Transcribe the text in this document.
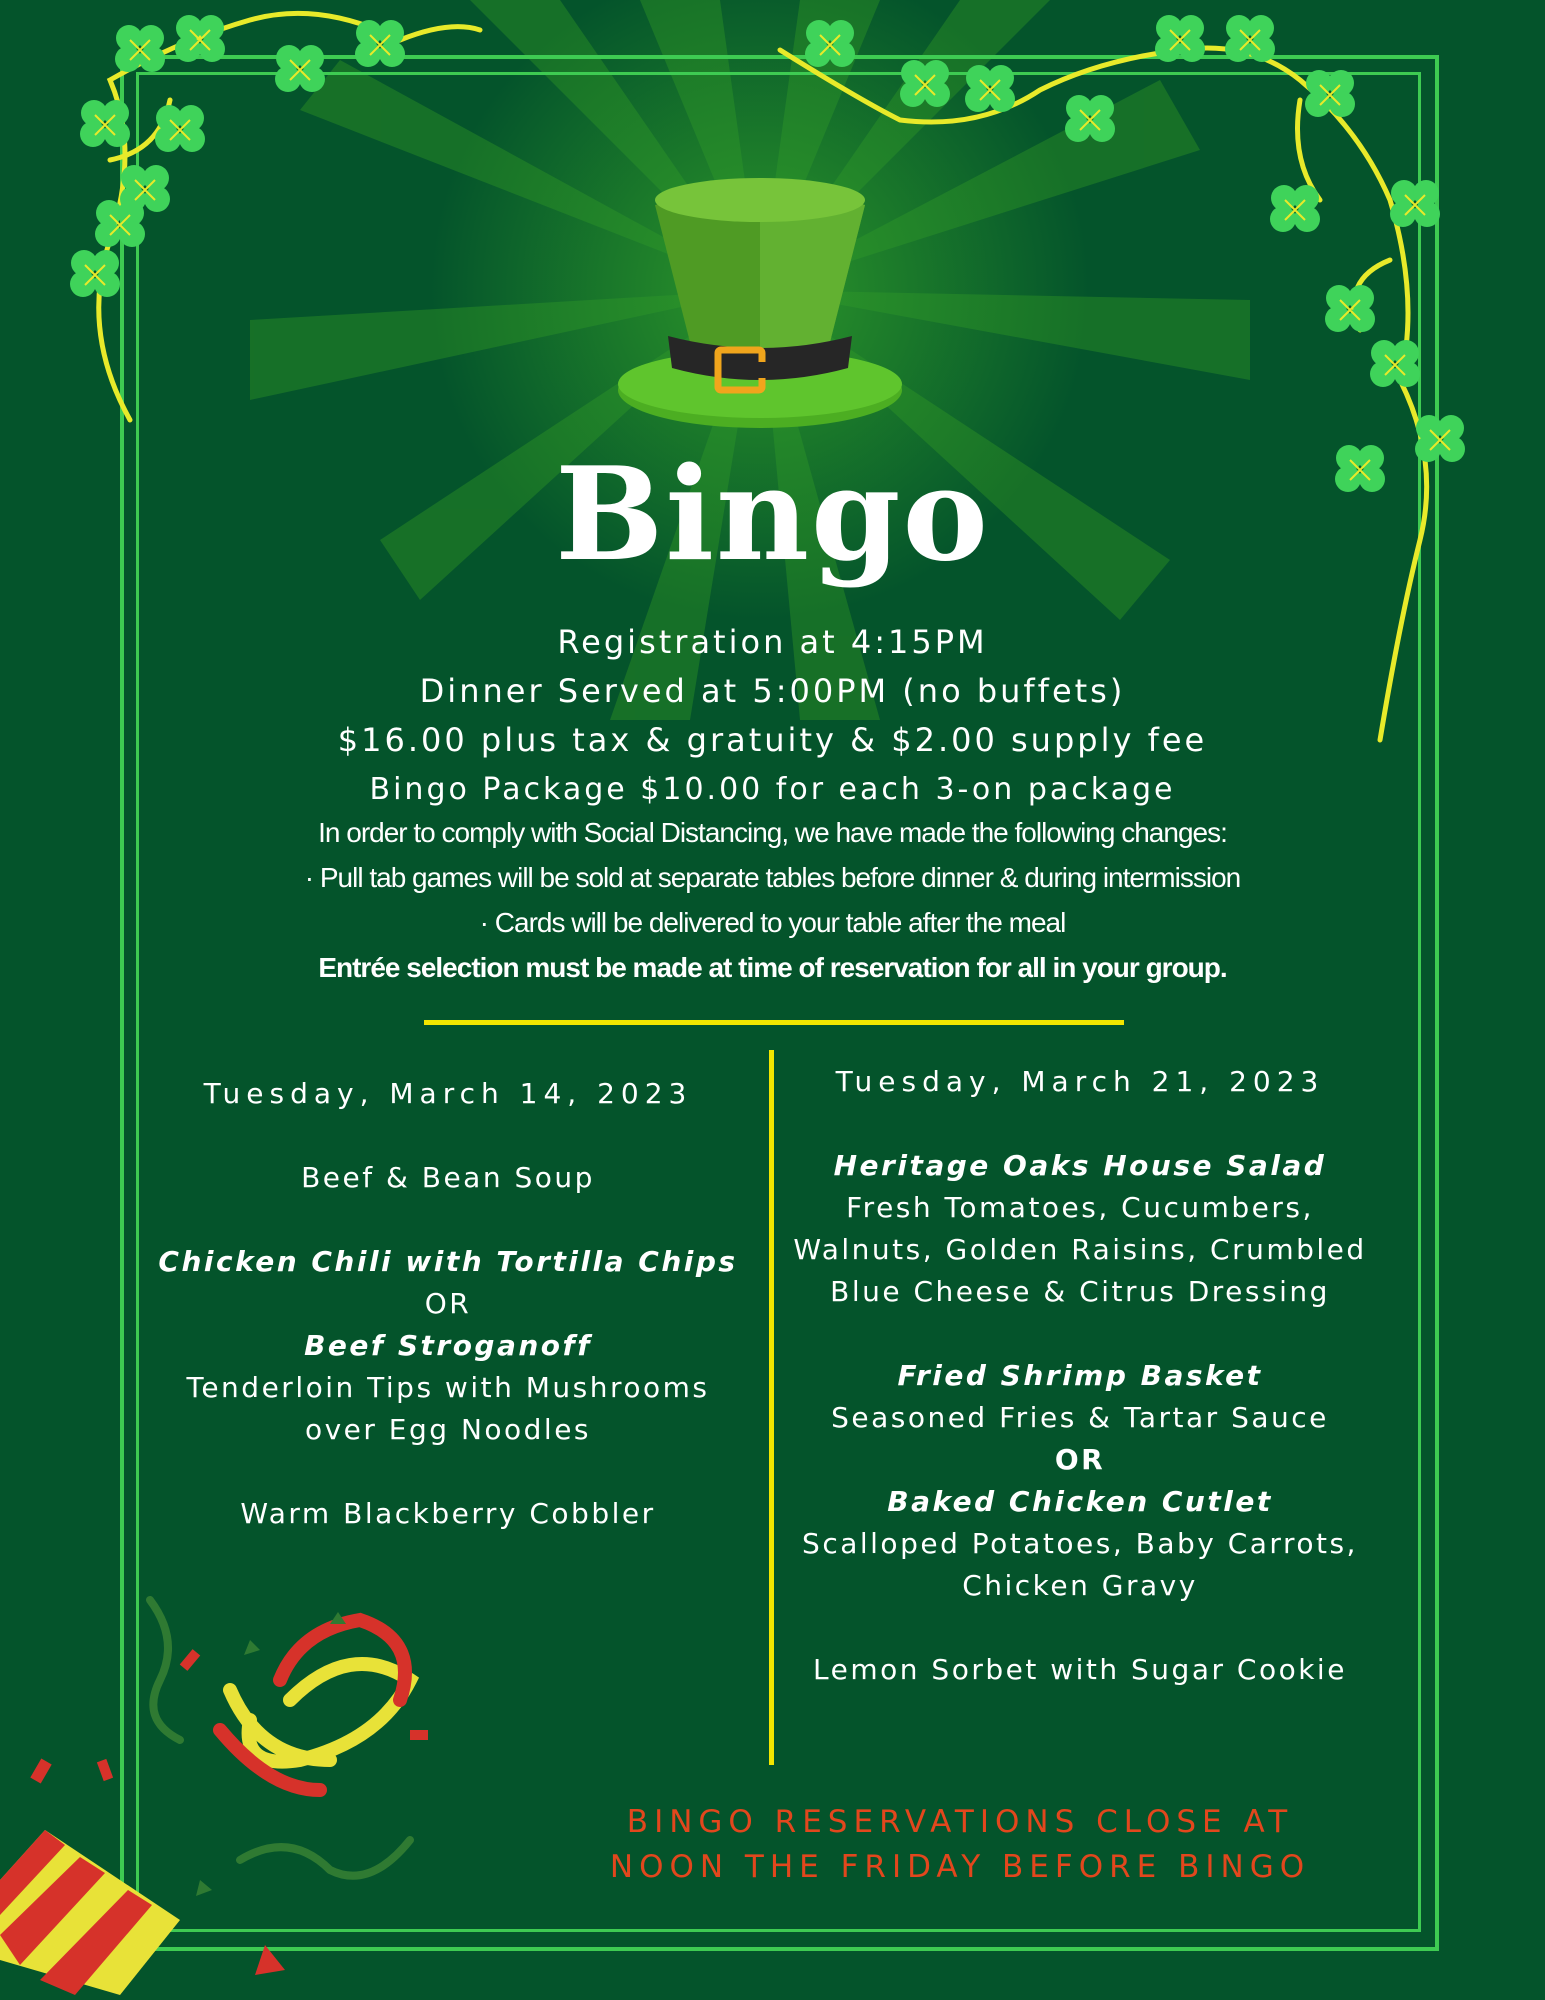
Bingo

Registration at 4:15PM

Dinner Served at 5:00PM (no buffets)

$16.00 plus tax & gratuity & $2.00 supply fee

Bingo Package $10.00 for each 3-on package

In order to comply with Social Distancing, we have made the following changes:

· Pull tab games will be sold at separate tables before dinner & during intermission

· Cards will be delivered to your table after the meal

Entrée selection must be made at time of reservation for all in your group.

Tuesday, March 14, 2023

Beef & Bean Soup

Chicken Chili with Tortilla Chips

OR

Beef Stroganoff

Tenderloin Tips with Mushrooms

over Egg Noodles

Warm Blackberry Cobbler

Tuesday, March 21, 2023

Heritage Oaks House Salad

Fresh Tomatoes, Cucumbers,

Walnuts, Golden Raisins, Crumbled

Blue Cheese & Citrus Dressing

Fried Shrimp Basket

Seasoned Fries & Tartar Sauce

OR

Baked Chicken Cutlet

Scalloped Potatoes, Baby Carrots,

Chicken Gravy

Lemon Sorbet with Sugar Cookie

BINGO RESERVATIONS CLOSE AT

NOON THE FRIDAY BEFORE BINGO
